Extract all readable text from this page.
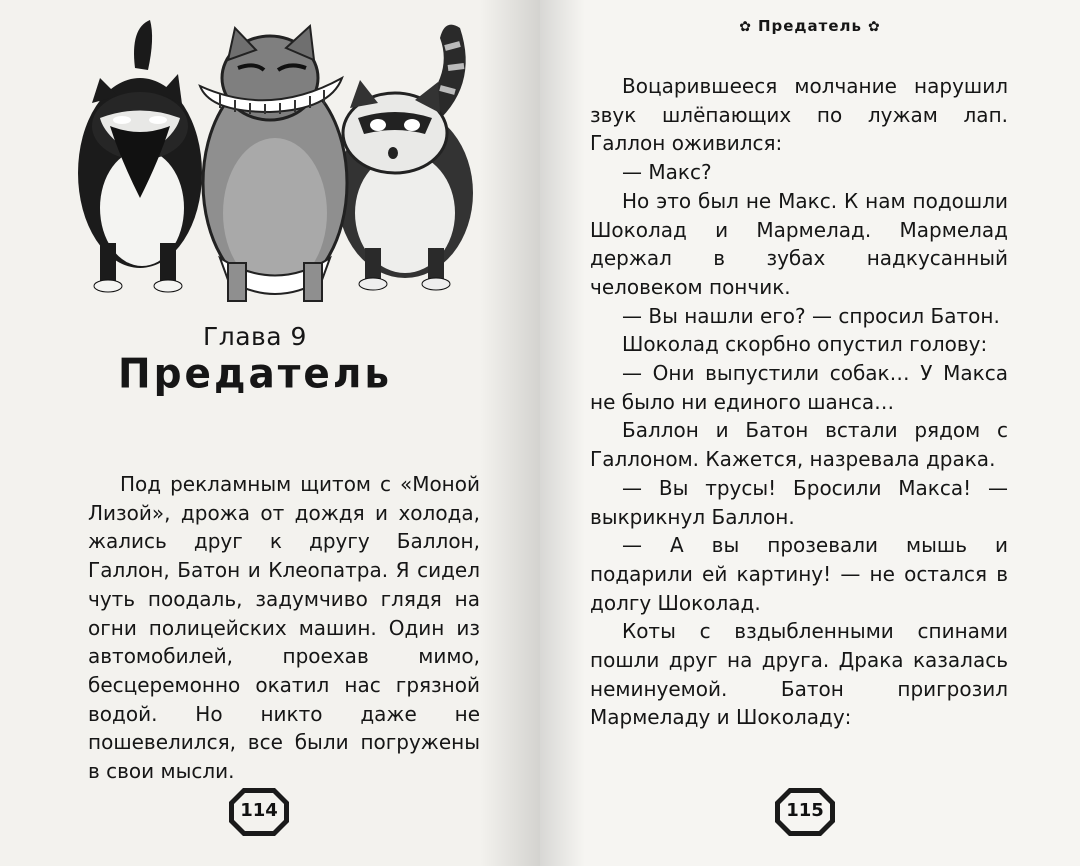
Глава 9
Предатель

Под рекламным щитом с «Моной Лизой», дрожа от дождя и холода, жались друг к другу Баллон, Галлон, Батон и Клеопатра. Я сидел чуть поодаль, задумчиво глядя на огни полицейских машин. Один из автомобилей, проехав мимо, бесцеремонно окатил нас грязной водой. Но никто даже не пошевелился, все были погружены в свои мысли.

✿ Предатель ✿

Воцарившееся молчание нарушил звук шлёпающих по лужам лап. Галлон оживился:

— Макс?

Но это был не Макс. К нам подошли Шоколад и Мармелад. Мармелад держал в зубах надкусанный человеком пончик.

— Вы нашли его? — спросил Батон.

Шоколад скорбно опустил голову:

— Они выпустили собак… У Макса не было ни единого шанса…

Баллон и Батон встали рядом с Галлоном. Кажется, назревала драка.

— Вы трусы! Бросили Макса! — выкрикнул Баллон.

— А вы прозевали мышь и подарили ей картину! — не остался в долгу Шоколад.

Коты с вздыбленными спинами пошли друг на друга. Драка казалась неминуемой. Батон пригрозил Мармеладу и Шоколаду:

114	115
